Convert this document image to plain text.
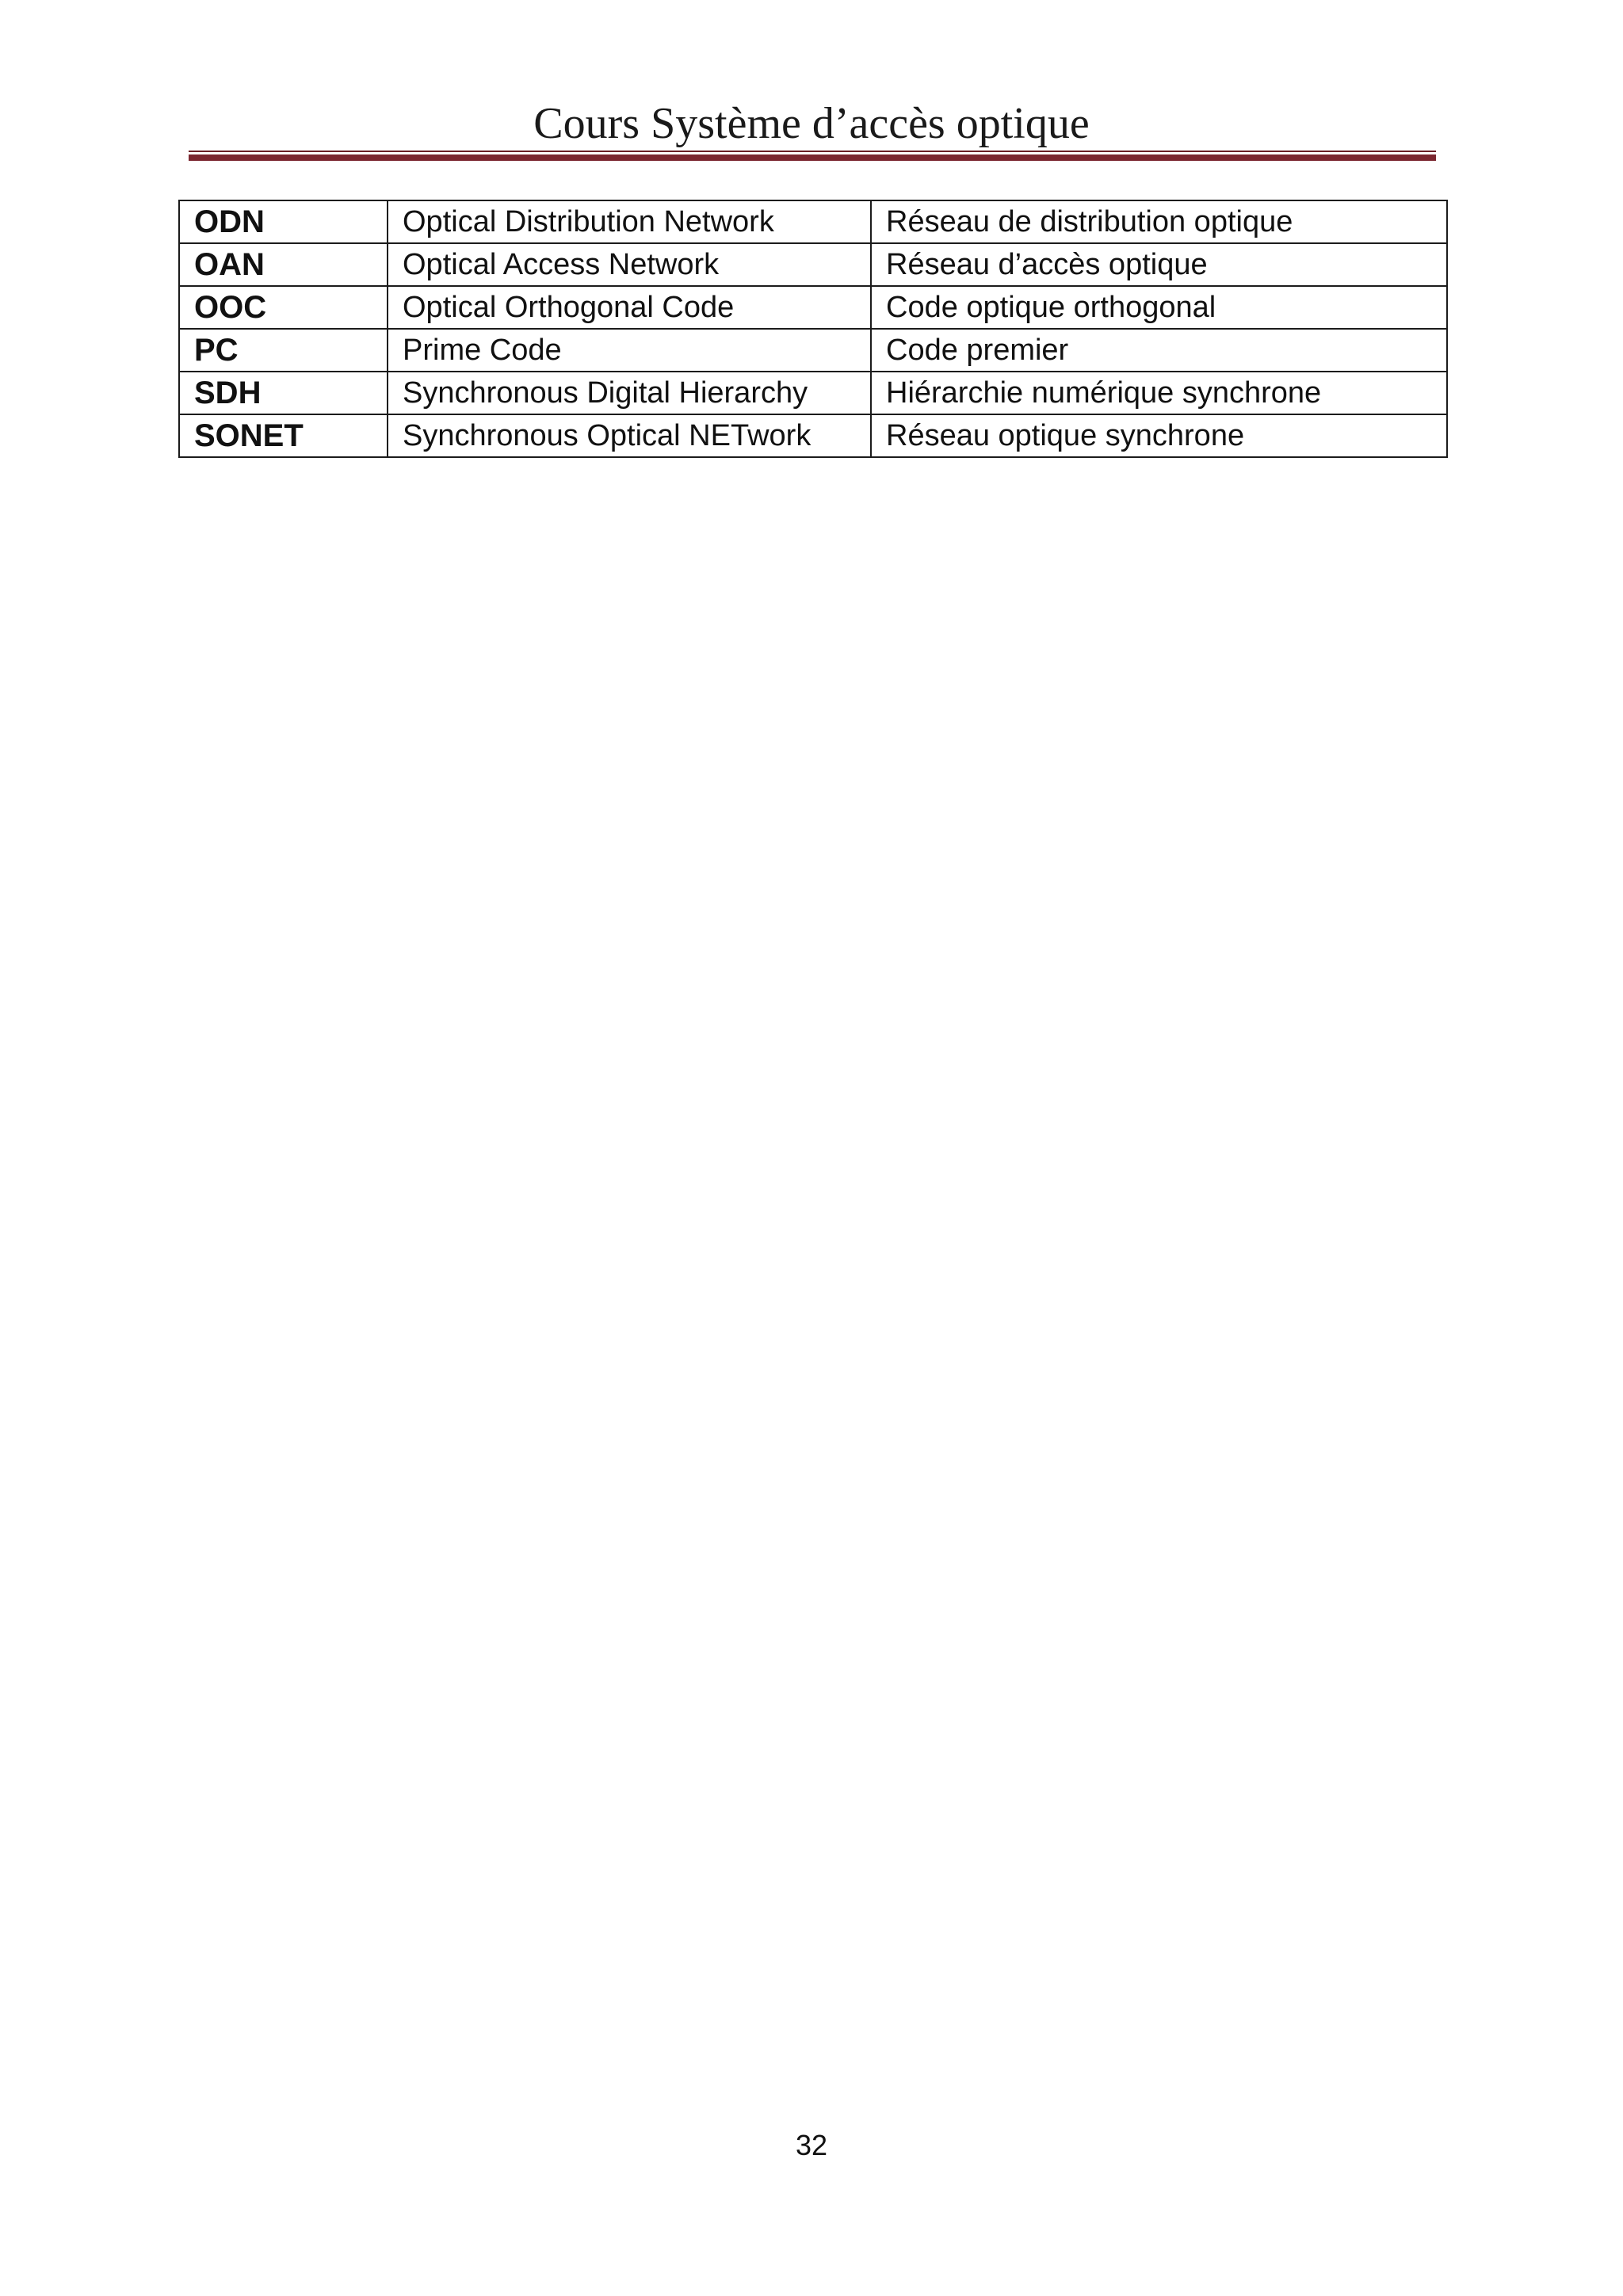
Cours Système d’accès optique
ODN	Optical Distribution Network	Réseau de distribution optique
OAN	Optical Access Network	Réseau d’accès optique
OOC	Optical Orthogonal Code	Code optique orthogonal
PC	Prime Code	Code premier
SDH	Synchronous Digital Hierarchy	Hiérarchie numérique synchrone
SONET	Synchronous Optical NETwork	Réseau optique synchrone
32
